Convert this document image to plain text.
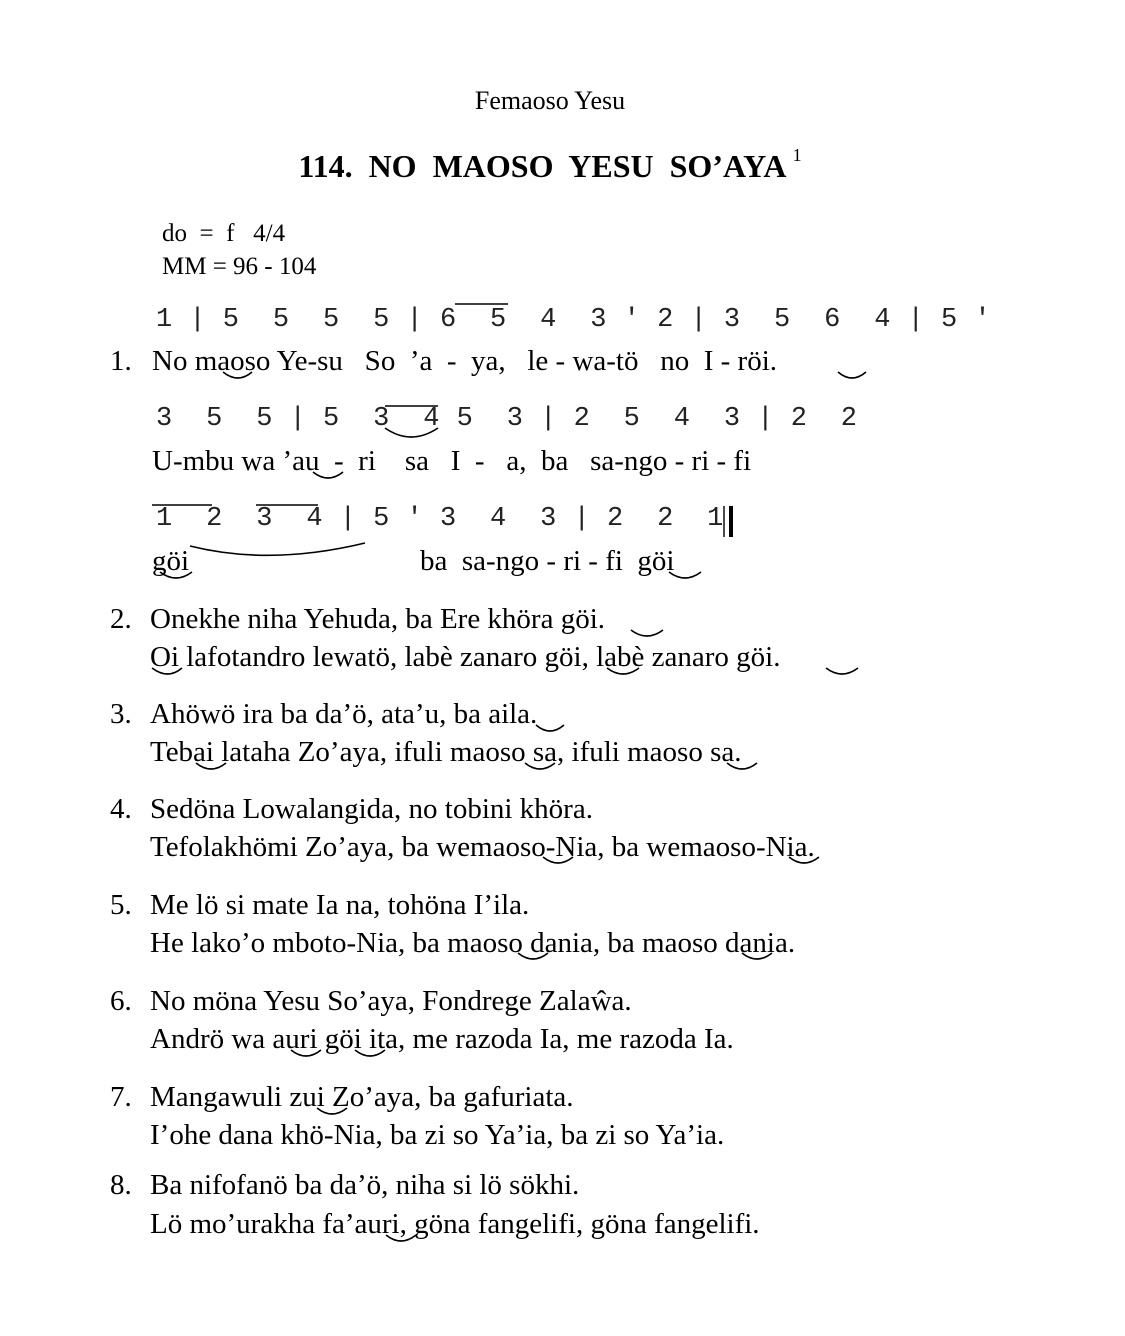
Femaoso Yesu
114.  NO  MAOSO  YESU  SO’AYA $^1$
do  =  f   4/4
MM = 96 - 104
1 | 5  5  5  5 | 6  5  4  3 ' 2 | 3  5  6  4 | 5 '
1. No maoso Ye-su   So  ’a  -  ya,   le - wa-tö   no  I - röi.
3  5  5 | 5  3  4 5  3 | 2  5  4  3 | 2  2
U-mbu wa ’au  -  ri    sa   I  -   a,  ba   sa-ngo - ri - fi
1  2  3  4 | 5 ' 3  4  3 | 2  2  1
göi	ba  sa-ngo - ri - fi  göi
2. Onekhe niha Yehuda, ba Ere khöra göi.
Oi lafotandro lewatö, labè zanaro göi, labè zanaro göi.
3. Ahöwö ira ba da’ö, ata’u, ba aila.
Tebai lataha Zo’aya, ifuli maoso sa, ifuli maoso sa.
4. Sedöna Lowalangida, no tobini khöra.
Tefolakhömi Zo’aya, ba wemaoso-Nia, ba wemaoso-Nia.
5. Me lö si mate Ia na, tohöna I’ila.
He lako’o mboto-Nia, ba maoso dania, ba maoso dania.
6. No möna Yesu So’aya, Fondrege Zalaŵa.
Andrö wa auri göi ita, me razoda Ia, me razoda Ia.
7. Mangawuli zui Zo’aya, ba gafuriata.
I’ohe dana khö-Nia, ba zi so Ya’ia, ba zi so Ya’ia.
8. Ba nifofanö ba da’ö, niha si lö sökhi.
Lö mo’urakha fa’auri, göna fangelifi, göna fangelifi.
